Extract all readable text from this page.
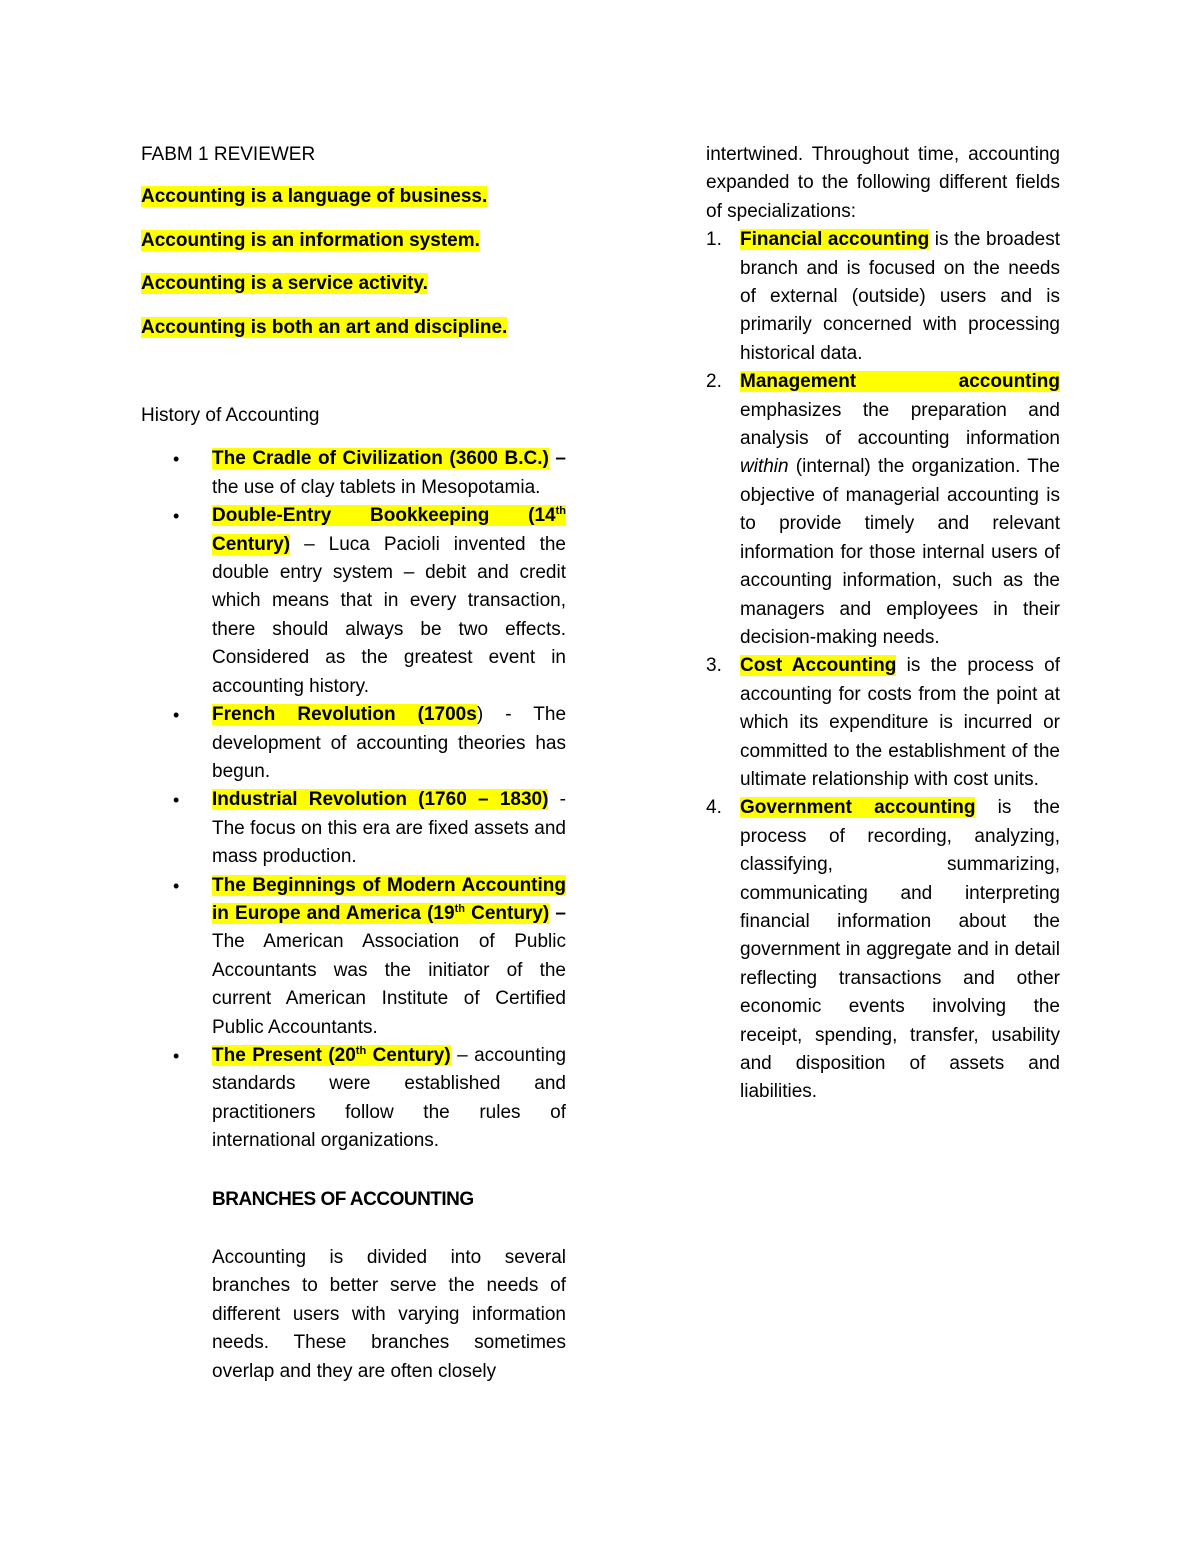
FABM 1 REVIEWER

Accounting is a language of business.

Accounting is an information system.

Accounting is a service activity.

Accounting is both an art and discipline.

History of Accounting

• The Cradle of Civilization (3600 B.C.) – the use of clay tablets in Mesopotamia.
• Double-Entry Bookkeeping (14th Century) – Luca Pacioli invented the double entry system – debit and credit which means that in every transaction, there should always be two effects. Considered as the greatest event in accounting history.
• French Revolution (1700s) - The development of accounting theories has begun.
• Industrial Revolution (1760 – 1830) - The focus on this era are fixed assets and mass production.
• The Beginnings of Modern Accounting in Europe and America (19th Century) – The American Association of Public Accountants was the initiator of the current American Institute of Certified Public Accountants.
• The Present (20th Century) – accounting standards were established and practitioners follow the rules of international organizations.

BRANCHES OF ACCOUNTING

Accounting is divided into several branches to better serve the needs of different users with varying information needs. These branches sometimes overlap and they are often closely

intertwined. Throughout time, accounting expanded to the following different fields of specializations:

1. Financial accounting is the broadest branch and is focused on the needs of external (outside) users and is primarily concerned with processing historical data.
2. Management accounting emphasizes the preparation and analysis of accounting information within (internal) the organization. The objective of managerial accounting is to provide timely and relevant information for those internal users of accounting information, such as the managers and employees in their decision-making needs.
3. Cost Accounting is the process of accounting for costs from the point at which its expenditure is incurred or committed to the establishment of the ultimate relationship with cost units.
4. Government accounting is the process of recording, analyzing, classifying, summarizing, communicating and interpreting financial information about the government in aggregate and in detail reflecting transactions and other economic events involving the receipt, spending, transfer, usability and disposition of assets and liabilities.
